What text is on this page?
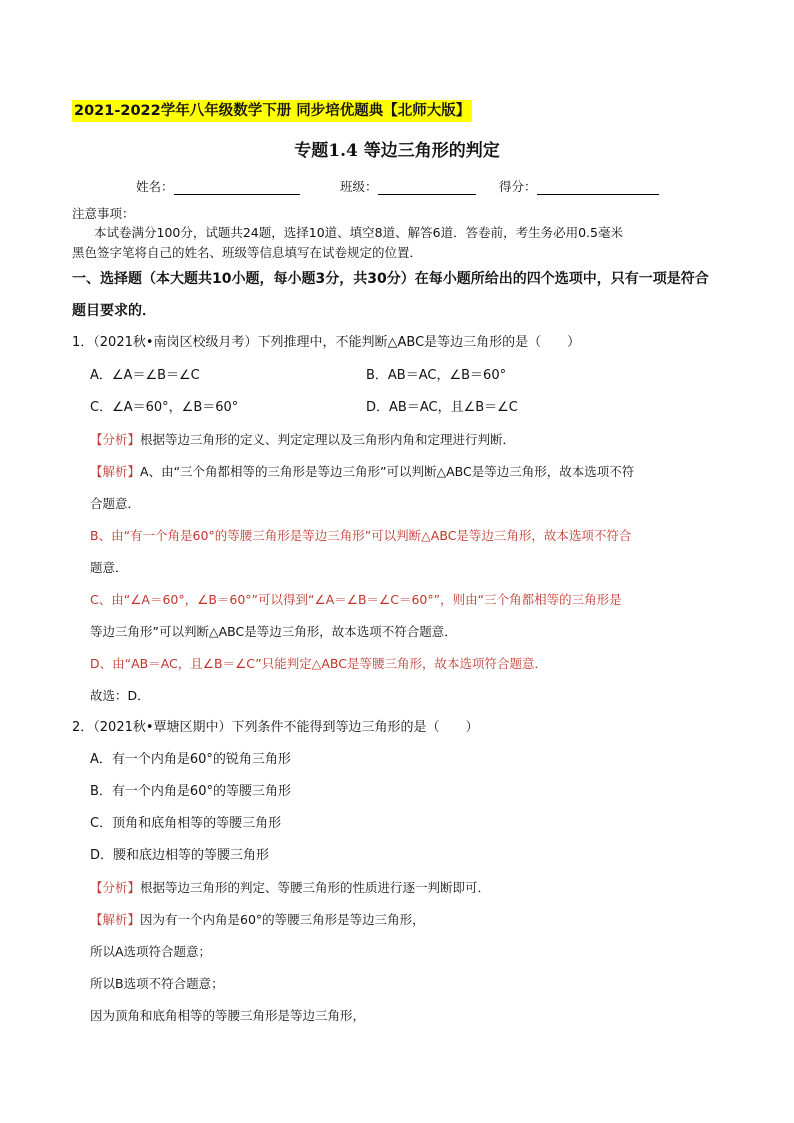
2021-2022学年八年级数学下册 同步培优题典【北师大版】
专题1.4 等边三角形的判定
姓名：	班级：	得分：
注意事项：
本试卷满分100分，试题共24题，选择10道、填空8道、解答6道．答卷前，考生务必用0.5毫米
黑色签字笔将自己的姓名、班级等信息填写在试卷规定的位置．
一、选择题（本大题共10小题，每小题3分，共30分）在每小题所给出的四个选项中，只有一项是符合
题目要求的．
1．（2021秋•南岗区校级月考）下列推理中，不能判断△ABC是等边三角形的是（　　）
A．∠A＝∠B＝∠C	B．AB＝AC，∠B＝60°
C．∠A＝60°，∠B＝60°	D．AB＝AC，且∠B＝∠C
【分析】根据等边三角形的定义、判定定理以及三角形内角和定理进行判断．
【解析】A、由“三个角都相等的三角形是等边三角形”可以判断△ABC是等边三角形，故本选项不符
合题意．
B、由“有一个角是60°的等腰三角形是等边三角形”可以判断△ABC是等边三角形，故本选项不符合
题意．
C、由“∠A＝60°，∠B＝60°”可以得到“∠A＝∠B＝∠C＝60°”，则由“三个角都相等的三角形是
等边三角形”可以判断△ABC是等边三角形，故本选项不符合题意．
D、由“AB＝AC，且∠B＝∠C”只能判定△ABC是等腰三角形，故本选项符合题意．
故选：D．
2．（2021秋•覃塘区期中）下列条件不能得到等边三角形的是（　　）
A．有一个内角是60°的锐角三角形
B．有一个内角是60°的等腰三角形
C．顶角和底角相等的等腰三角形
D．腰和底边相等的等腰三角形
【分析】根据等边三角形的判定、等腰三角形的性质进行逐一判断即可．
【解析】因为有一个内角是60°的等腰三角形是等边三角形，
所以A选项符合题意；
所以B选项不符合题意；
因为顶角和底角相等的等腰三角形是等边三角形，
